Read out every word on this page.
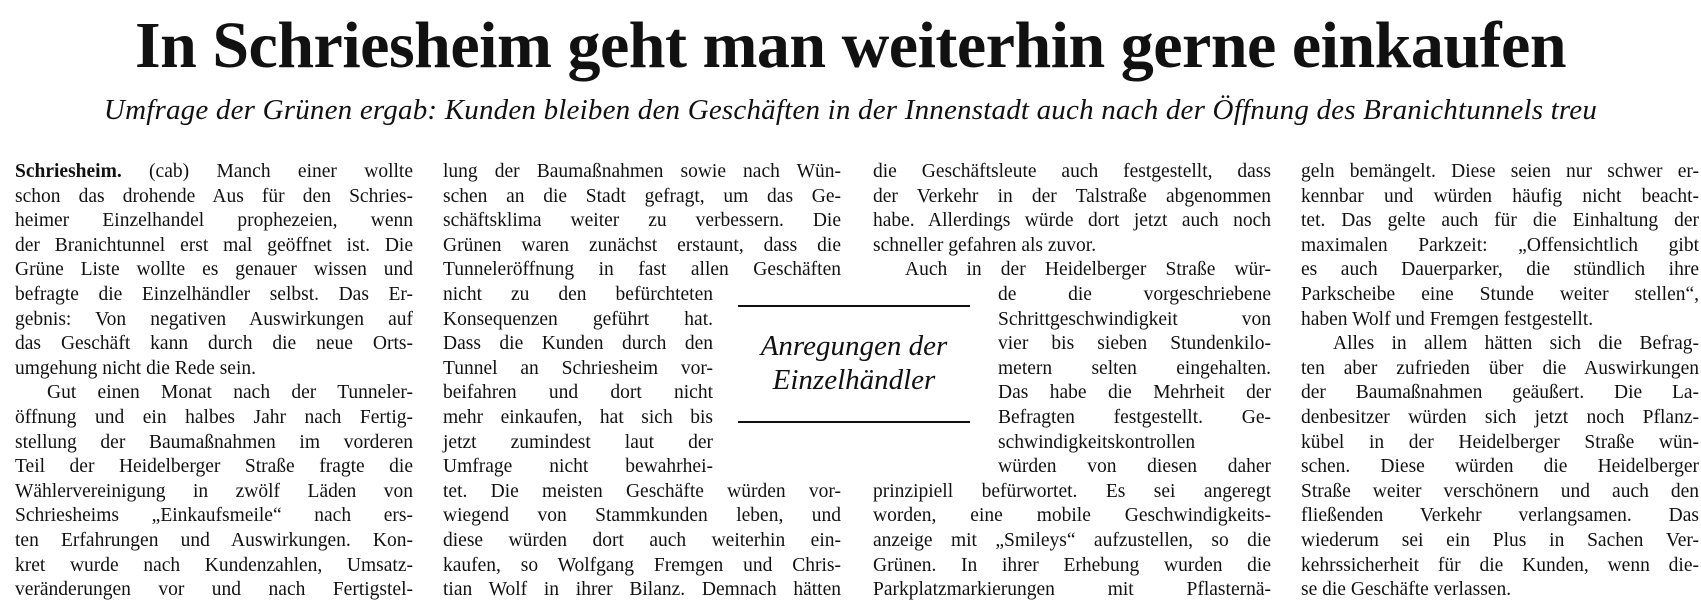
In Schriesheim geht man weiterhin gerne einkaufen
Umfrage der Grünen ergab: Kunden bleiben den Geschäften in der Innenstadt auch nach der Öffnung des Branichtunnels treu
Schriesheim. (cab) Manch einer wollte
schon das drohende Aus für den Schries-
heimer Einzelhandel prophezeien, wenn
der Branichtunnel erst mal geöffnet ist. Die
Grüne Liste wollte es genauer wissen und
befragte die Einzelhändler selbst. Das Er-
gebnis: Von negativen Auswirkungen auf
das Geschäft kann durch die neue Orts-
umgehung nicht die Rede sein.
Gut einen Monat nach der Tunneler-
öffnung und ein halbes Jahr nach Fertig-
stellung der Baumaßnahmen im vorderen
Teil der Heidelberger Straße fragte die
Wählervereinigung in zwölf Läden von
Schriesheims „Einkaufsmeile“ nach ers-
ten Erfahrungen und Auswirkungen. Kon-
kret wurde nach Kundenzahlen, Umsatz-
veränderungen vor und nach Fertigstel-
lung der Baumaßnahmen sowie nach Wün-
schen an die Stadt gefragt, um das Ge-
schäftsklima weiter zu verbessern. Die
Grünen waren zunächst erstaunt, dass die
Tunneleröffnung in fast allen Geschäften
nicht zu den befürchteten
Konsequenzen geführt hat.
Dass die Kunden durch den
Tunnel an Schriesheim vor-
beifahren und dort nicht
mehr einkaufen, hat sich bis
jetzt zumindest laut der
Umfrage nicht bewahrhei-
tet. Die meisten Geschäfte würden vor-
wiegend von Stammkunden leben, und
diese würden dort auch weiterhin ein-
kaufen, so Wolfgang Fremgen und Chris-
tian Wolf in ihrer Bilanz. Demnach hätten
Anregungen der
Einzelhändler
die Geschäftsleute auch festgestellt, dass
der Verkehr in der Talstraße abgenommen
habe. Allerdings würde dort jetzt auch noch
schneller gefahren als zuvor.
Auch in der Heidelberger Straße wür-
de die vorgeschriebene
Schrittgeschwindigkeit von
vier bis sieben Stundenkilo-
metern selten eingehalten.
Das habe die Mehrheit der
Befragten festgestellt. Ge-
schwindigkeitskontrollen
würden von diesen daher
prinzipiell befürwortet. Es sei angeregt
worden, eine mobile Geschwindigkeits-
anzeige mit „Smileys“ aufzustellen, so die
Grünen. In ihrer Erhebung wurden die
Parkplatzmarkierungen mit Pflasternä-
geln bemängelt. Diese seien nur schwer er-
kennbar und würden häufig nicht beacht-
tet. Das gelte auch für die Einhaltung der
maximalen Parkzeit: „Offensichtlich gibt
es auch Dauerparker, die stündlich ihre
Parkscheibe eine Stunde weiter stellen“,
haben Wolf und Fremgen festgestellt.
Alles in allem hätten sich die Befrag-
ten aber zufrieden über die Auswirkungen
der Baumaßnahmen geäußert. Die La-
denbesitzer würden sich jetzt noch Pflanz-
kübel in der Heidelberger Straße wün-
schen. Diese würden die Heidelberger
Straße weiter verschönern und auch den
fließenden Verkehr verlangsamen. Das
wiederum sei ein Plus in Sachen Ver-
kehrssicherheit für die Kunden, wenn die-
se die Geschäfte verlassen.
